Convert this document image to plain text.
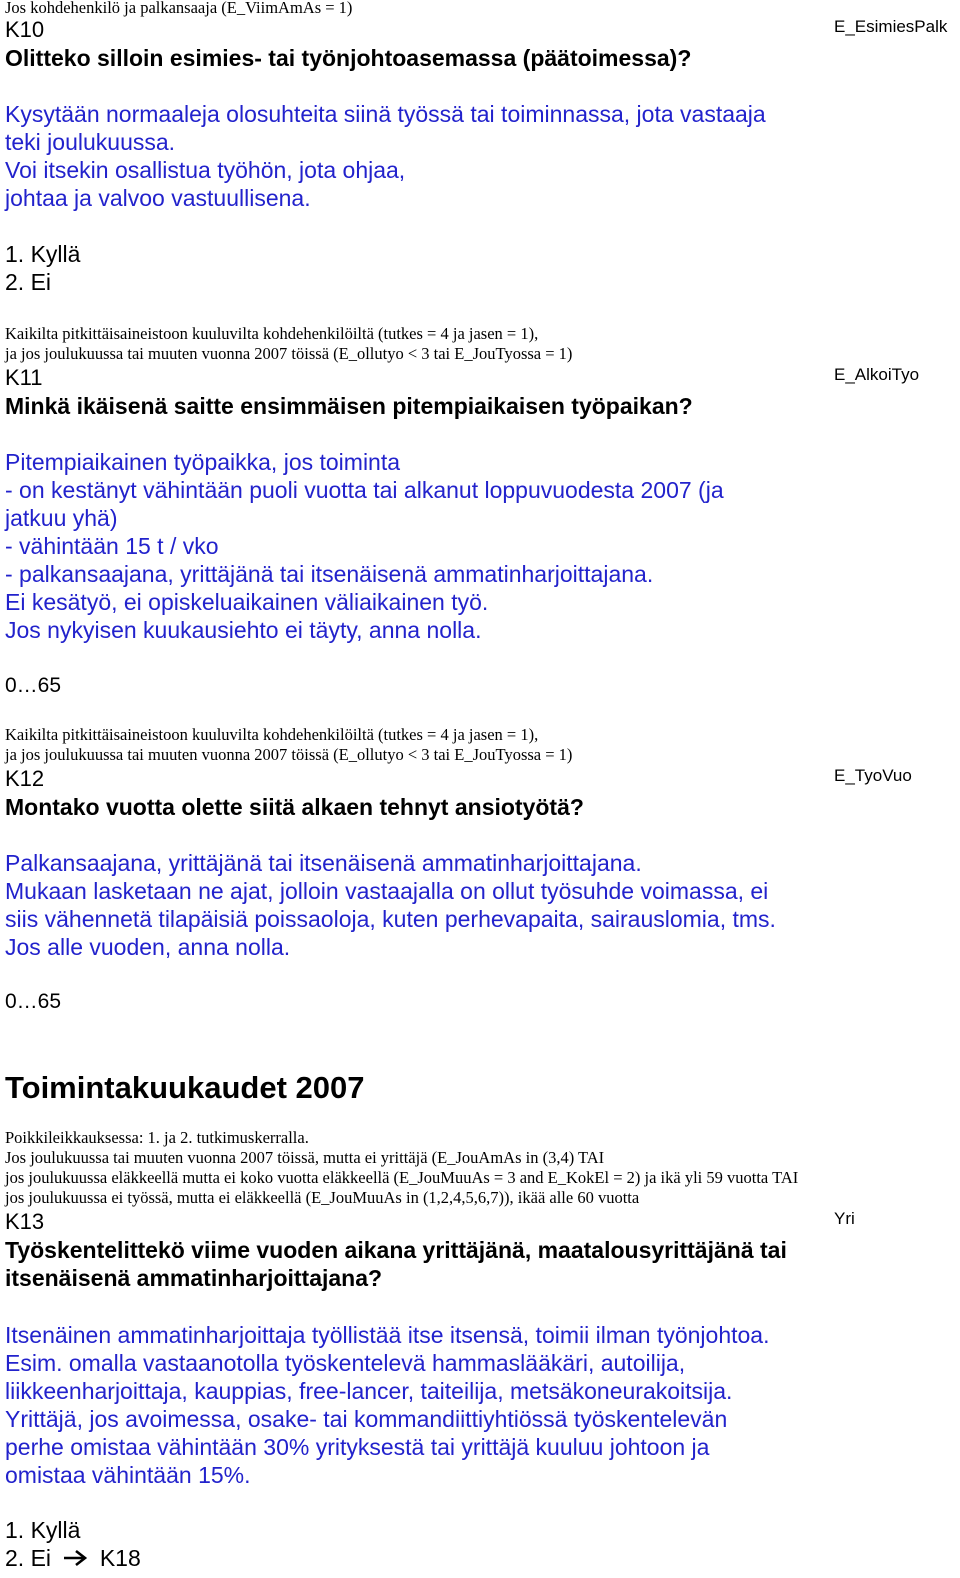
Jos kohdehenkilö ja palkansaaja (E_ViimAmAs = 1)
K10	E_EsimiesPalk
Olitteko silloin esimies- tai työnjohtoasemassa (päätoimessa)?
Kysytään normaaleja olosuhteita siinä työssä tai toiminnassa, jota vastaaja
teki joulukuussa.
Voi itsekin osallistua työhön, jota ohjaa,
johtaa ja valvoo vastuullisena.
1. Kyllä
2. Ei
Kaikilta pitkittäisaineistoon kuuluvilta kohdehenkilöiltä (tutkes = 4 ja jasen = 1),
ja jos joulukuussa tai muuten vuonna 2007 töissä (E_ollutyo < 3 tai E_JouTyossa = 1)
K11	E_AlkoiTyo
Minkä ikäisenä saitte ensimmäisen pitempiaikaisen työpaikan?
Pitempiaikainen työpaikka, jos toiminta
- on kestänyt vähintään puoli vuotta tai alkanut loppuvuodesta 2007 (ja
jatkuu yhä)
- vähintään 15 t / vko
- palkansaajana, yrittäjänä tai itsenäisenä ammatinharjoittajana.
Ei kesätyö, ei opiskeluaikainen väliaikainen työ.
Jos nykyisen kuukausiehto ei täyty, anna nolla.
0…65
Kaikilta pitkittäisaineistoon kuuluvilta kohdehenkilöiltä (tutkes = 4 ja jasen = 1),
ja jos joulukuussa tai muuten vuonna 2007 töissä (E_ollutyo < 3 tai E_JouTyossa = 1)
K12	E_TyoVuo
Montako vuotta olette siitä alkaen tehnyt ansiotyötä?
Palkansaajana, yrittäjänä tai itsenäisenä ammatinharjoittajana.
Mukaan lasketaan ne ajat, jolloin vastaajalla on ollut työsuhde voimassa, ei
siis vähennetä tilapäisiä poissaoloja, kuten perhevapaita, sairauslomia, tms.
Jos alle vuoden, anna nolla.
0…65
Toimintakuukaudet 2007
Poikkileikkauksessa: 1. ja 2. tutkimuskerralla.
Jos joulukuussa tai muuten vuonna 2007 töissä, mutta ei yrittäjä (E_JouAmAs in (3,4) TAI
jos joulukuussa eläkkeellä mutta ei koko vuotta eläkkeellä (E_JouMuuAs = 3 and E_KokEl = 2) ja ikä yli 59 vuotta TAI
jos joulukuussa ei työssä, mutta ei eläkkeellä (E_JouMuuAs in (1,2,4,5,6,7)), ikää alle 60 vuotta
K13	Yri
Työskentelittekö viime vuoden aikana yrittäjänä, maatalousyrittäjänä tai
itsenäisenä ammatinharjoittajana?
Itsenäinen ammatinharjoittaja työllistää itse itsensä, toimii ilman työnjohtoa.
Esim. omalla vastaanotolla työskentelevä hammaslääkäri, autoilija,
liikkeenharjoittaja, kauppias, free-lancer, taiteilija, metsäkoneurakoitsija.
Yrittäjä, jos avoimessa, osake- tai kommandiittiyhtiössä työskentelevän
perhe omistaa vähintään 30% yrityksestä tai yrittäjä kuuluu johtoon ja
omistaa vähintään 15%.
1. Kyllä
2. Ei K18
